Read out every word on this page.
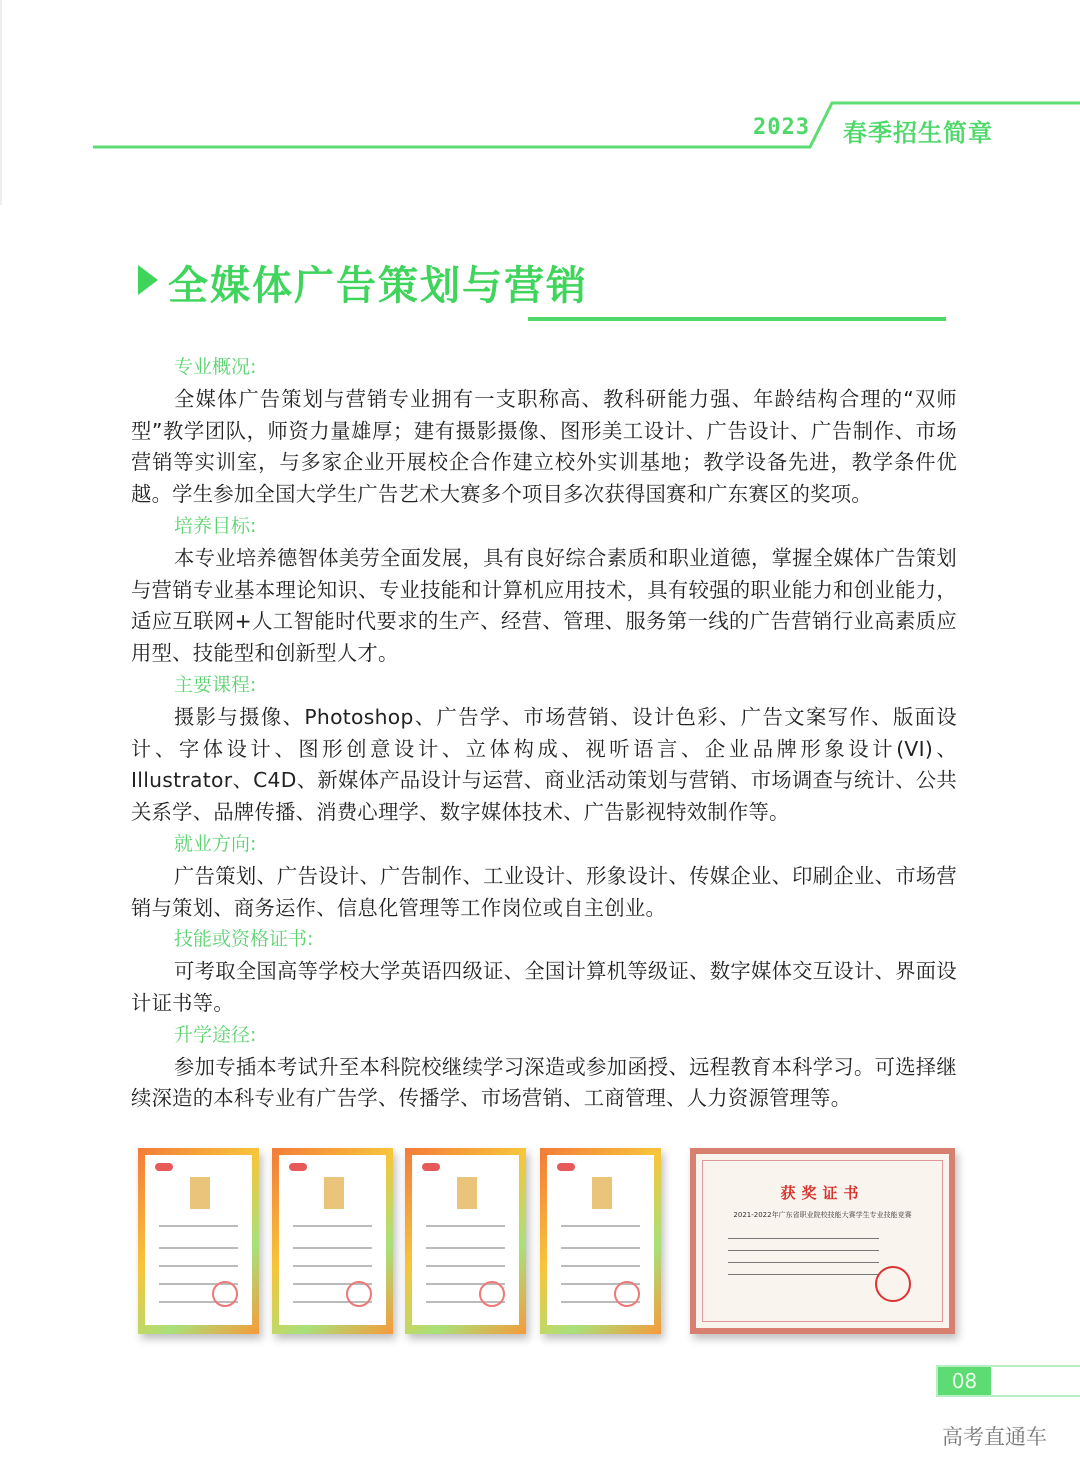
2023 春季招生简章
全媒体广告策划与营销
专业概况:

全媒体广告策划与营销专业拥有一支职称高、教科研能力强、年龄结构合理的“双师型”教学团队，师资力量雄厚；建有摄影摄像、图形美工设计、广告设计、广告制作、市场营销等实训室，与多家企业开展校企合作建立校外实训基地；教学设备先进，教学条件优越。学生参加全国大学生广告艺术大赛多个项目多次获得国赛和广东赛区的奖项。

培养目标:

本专业培养德智体美劳全面发展，具有良好综合素质和职业道德，掌握全媒体广告策划与营销专业基本理论知识、专业技能和计算机应用技术，具有较强的职业能力和创业能力，适应互联网+人工智能时代要求的生产、经营、管理、服务第一线的广告营销行业高素质应用型、技能型和创新型人才。

主要课程:

摄影与摄像、Photoshop、广告学、市场营销、设计色彩、广告文案写作、版面设计、字体设计、图形创意设计、立体构成、视听语言、企业品牌形象设计(VI)、Illustrator、C4D、新媒体产品设计与运营、商业活动策划与营销、市场调查与统计、公共关系学、品牌传播、消费心理学、数字媒体技术、广告影视特效制作等。

就业方向:

广告策划、广告设计、广告制作、工业设计、形象设计、传媒企业、印刷企业、市场营销与策划、商务运作、信息化管理等工作岗位或自主创业。

技能或资格证书:

可考取全国高等学校大学英语四级证、全国计算机等级证、数字媒体交互设计、界面设计证书等。

升学途径:

参加专插本考试升至本科院校继续学习深造或参加函授、远程教育本科学习。可选择继续深造的本科专业有广告学、传播学、市场营销、工商管理、人力资源管理等。

获奖证书
2021-2022年广东省职业院校技能大赛学生专业技能竞赛
08
高考直通车
